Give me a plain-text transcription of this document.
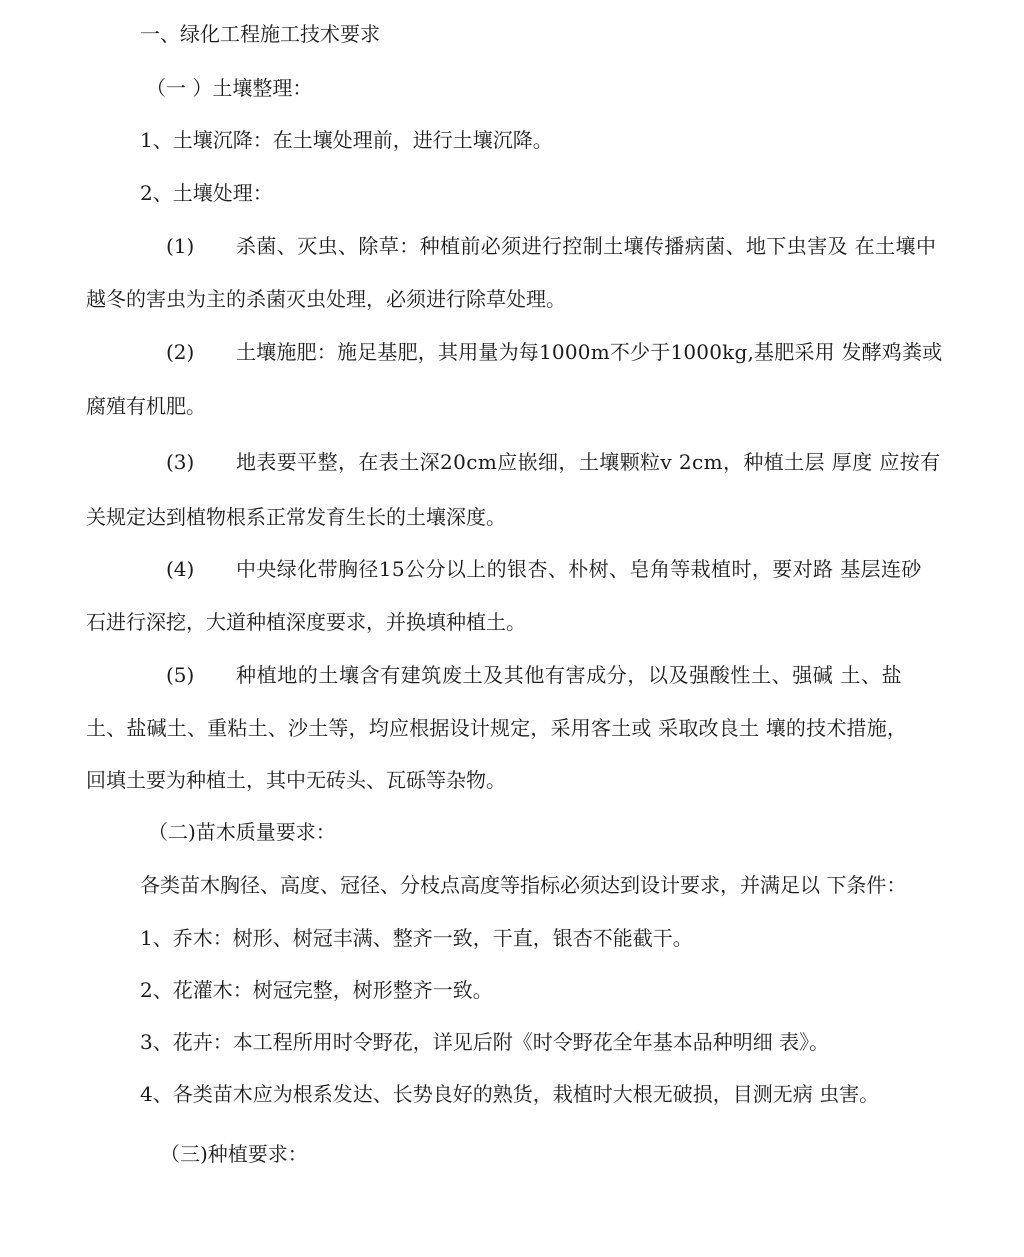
一、绿化工程施工技术要求
（一 ）土壤整理：
1、土壤沉降：在土壤处理前，进行土壤沉降。
2、土壤处理：
(1) 杀菌、灭虫、除草：种植前必须进行控制土壤传播病菌、地下虫害及 在土壤中
越冬的害虫为主的杀菌灭虫处理，必须进行除草处理。
(2) 土壤施肥：施足基肥，其用量为每1000m不少于1000kg,基肥采用 发酵鸡粪或
腐殖有机肥。
(3) 地表要平整，在表土深20cm应嵌细，土壤颗粒v 2cm，种植土层 厚度 应按有
关规定达到植物根系正常发育生长的土壤深度。
(4) 中央绿化带胸径15公分以上的银杏、朴树、皂角等栽植时，要对路 基层连砂
石进行深挖，大道种植深度要求，并换填种植土。
(5) 种植地的土壤含有建筑废土及其他有害成分，以及强酸性土、强碱 土、盐
土、盐碱土、重粘土、沙土等，均应根据设计规定，采用客土或 采取改良土 壤的技术措施，
回填土要为种植土，其中无砖头、瓦砾等杂物。
（二)苗木质量要求：
各类苗木胸径、高度、冠径、分枝点高度等指标必须达到设计要求，并满足以 下条件：
1、乔木：树形、树冠丰满、整齐一致，干直，银杏不能截干。
2、花灌木：树冠完整，树形整齐一致。
3、花卉：本工程所用时令野花，详见后附《时令野花全年基本品种明细 表》。
4、各类苗木应为根系发达、长势良好的熟货，栽植时大根无破损，目测无病 虫害。
（三)种植要求：
